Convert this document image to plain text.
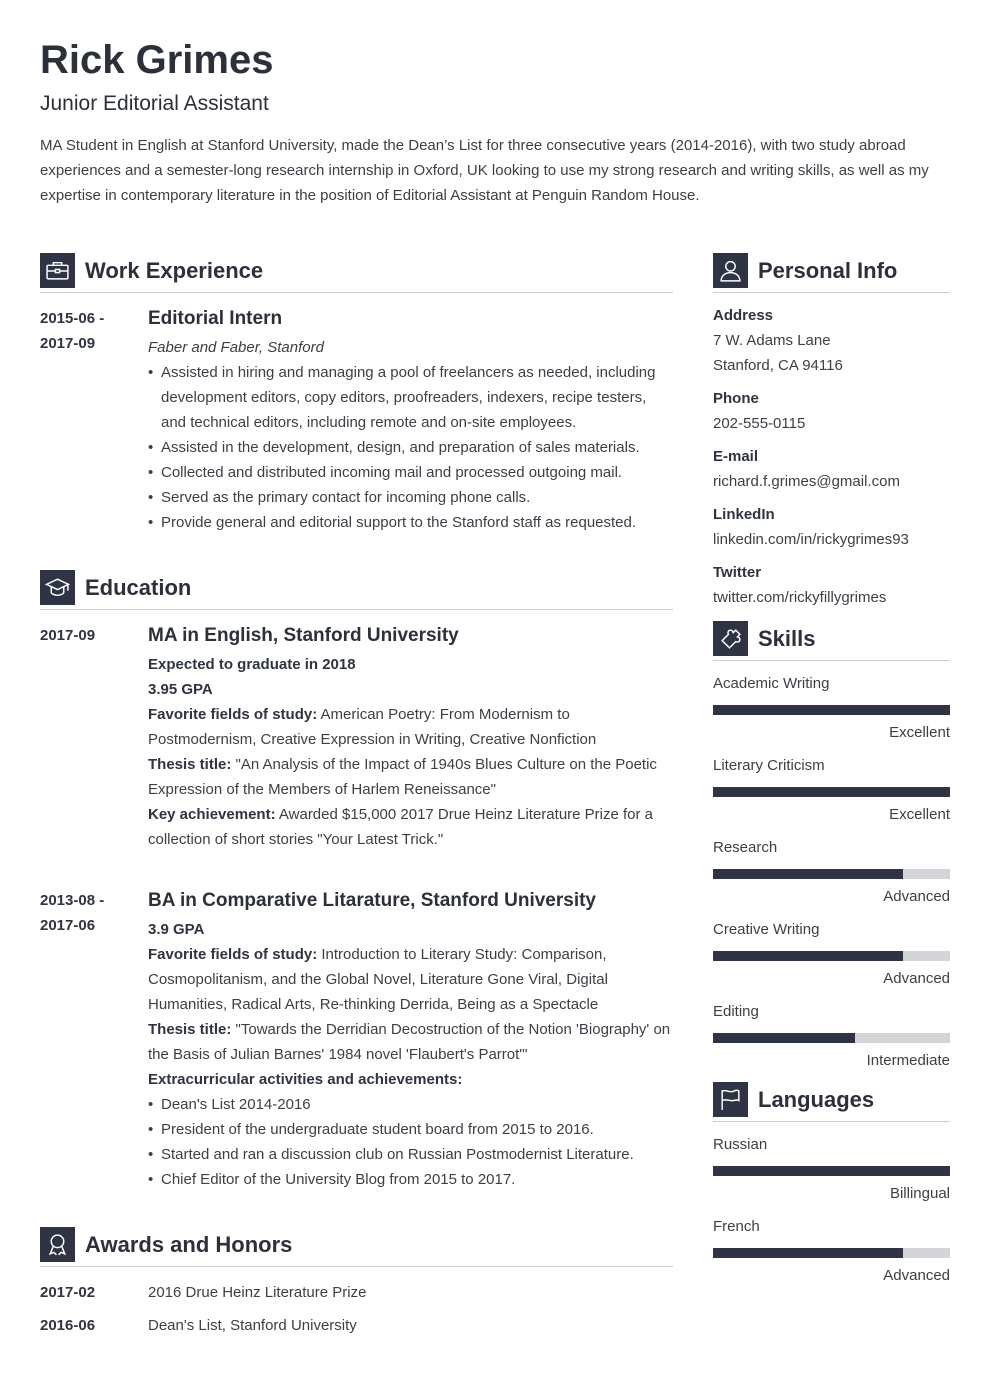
Rick Grimes
Junior Editorial Assistant
MA Student in English at Stanford University, made the Dean’s List for three consecutive years (2014-2016), with two study abroad experiences and a semester-long research internship in Oxford, UK looking to use my strong research and writing skills, as well as my expertise in contemporary literature in the position of Editorial Assistant at Penguin Random House.
Work Experience
2015-06 -
2017-09
Editorial Intern
Faber and Faber, Stanford
• Assisted in hiring and managing a pool of freelancers as needed, including development editors, copy editors, proofreaders, indexers, recipe testers, and technical editors, including remote and on-site employees.
• Assisted in the development, design, and preparation of sales materials.
• Collected and distributed incoming mail and processed outgoing mail.
• Served as the primary contact for incoming phone calls.
• Provide general and editorial support to the Stanford staff as requested.
Education
2017-09	MA in English, Stanford University
Expected to graduate in 2018
3.95 GPA
Favorite fields of study: American Poetry: From Modernism to Postmodernism, Creative Expression in Writing, Creative Nonfiction
Thesis title: "An Analysis of the Impact of 1940s Blues Culture on the Poetic Expression of the Members of Harlem Reneissance"
Key achievement: Awarded $15,000 2017 Drue Heinz Literature Prize for a collection of short stories "Your Latest Trick."
2013-08 -
2017-06
BA in Comparative Litarature, Stanford University
3.9 GPA
Favorite fields of study: Introduction to Literary Study: Comparison, Cosmopolitanism, and the Global Novel, Literature Gone Viral, Digital Humanities, Radical Arts, Re-thinking Derrida, Being as a Spectacle
Thesis title: "Towards the Derridian Decostruction of the Notion 'Biography' on the Basis of Julian Barnes' 1984 novel 'Flaubert's Parrot'"
Extracurricular activities and achievements:
• Dean's List 2014-2016
• President of the undergraduate student board from 2015 to 2016.
• Started and ran a discussion club on Russian Postmodernist Literature.
• Chief Editor of the University Blog from 2015 to 2017.
Awards and Honors
2017-02	2016 Drue Heinz Literature Prize
2016-06	Dean's List, Stanford University
Personal Info
Address
7 W. Adams Lane
Stanford, CA 94116
Phone
202-555-0115
E-mail
richard.f.grimes@gmail.com
LinkedIn
linkedin.com/in/rickygrimes93
Twitter
twitter.com/rickyfillygrimes
Skills
Academic Writing
Excellent
Literary Criticism
Excellent
Research
Advanced
Creative Writing
Advanced
Editing
Intermediate
Languages
Russian
Billingual
French
Advanced
